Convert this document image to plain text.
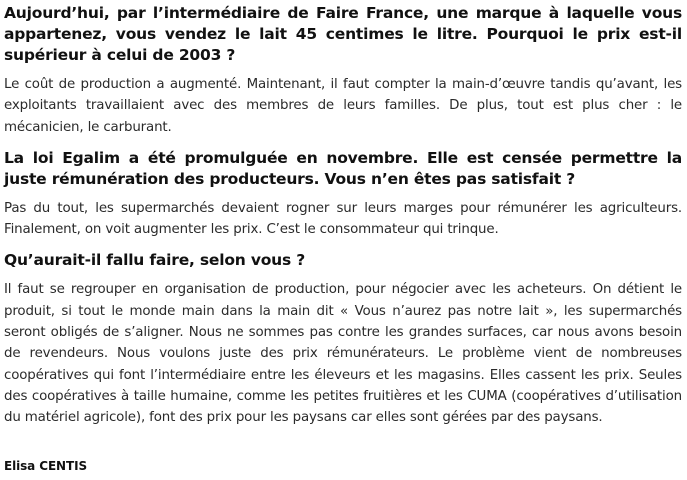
Aujourd’hui, par l’intermédiaire de Faire France, une marque à laquelle vous appartenez, vous vendez le lait 45 centimes le litre. Pourquoi le prix est-il supérieur à celui de 2003 ?

Le coût de production a augmenté. Maintenant, il faut compter la main-d’œuvre tandis qu’avant, les exploitants travaillaient avec des membres de leurs familles. De plus, tout est plus cher : le mécanicien, le carburant.

La loi Egalim a été promulguée en novembre. Elle est censée permettre la juste rémunération des producteurs. Vous n’en êtes pas satisfait ?

Pas du tout, les supermarchés devaient rogner sur leurs marges pour rémunérer les agriculteurs. Finalement, on voit augmenter les prix. C’est le consommateur qui trinque.

Qu’aurait-il fallu faire, selon vous ?

Il faut se regrouper en organisation de production, pour négocier avec les acheteurs. On détient le produit, si tout le monde main dans la main dit « Vous n’aurez pas notre lait », les supermarchés seront obligés de s’aligner. Nous ne sommes pas contre les grandes surfaces, car nous avons besoin de revendeurs. Nous voulons juste des prix rémunérateurs. Le problème vient de nombreuses coopératives qui font l’intermédiaire entre les éleveurs et les magasins. Elles cassent les prix. Seules des coopératives à taille humaine, comme les petites fruitières et les CUMA (coopératives d’utilisation du matériel agricole), font des prix pour les paysans car elles sont gérées par des paysans.

Elisa CENTIS
